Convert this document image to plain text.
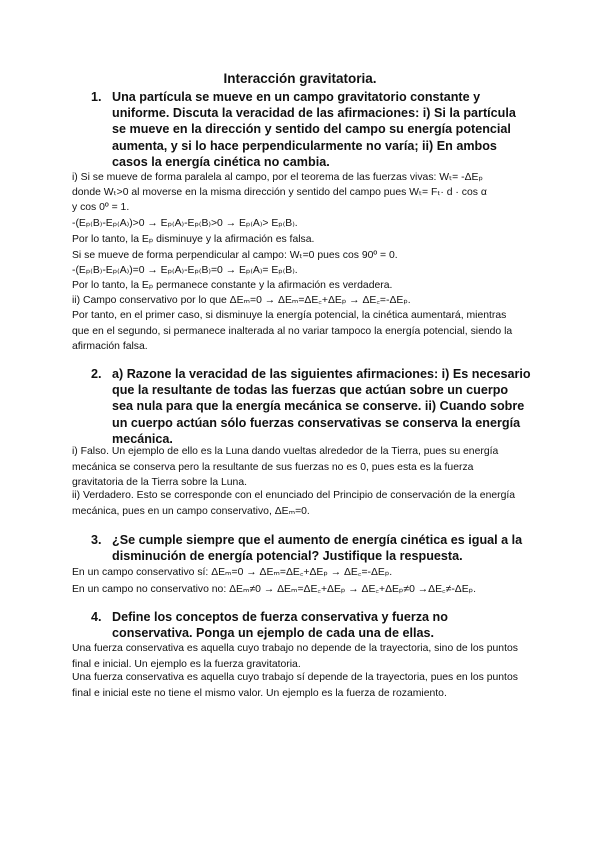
Interacción gravitatoria.
1. Una partícula se mueve en un campo gravitatorio constante y uniforme. Discuta la veracidad de las afirmaciones: i) Si la partícula se mueve en la dirección y sentido del campo su energía potencial aumenta, y si lo hace perpendicularmente no varía; ii) En ambos casos la energía cinética no cambia.
i) Si se mueve de forma paralela al campo, por el teorema de las fuerzas vivas: Wₜ= -ΔEₚ
donde Wₜ>0 al moverse en la misma dirección y sentido del campo pues Wₜ= Fₜ· d · cos α
y cos 0º = 1.
-(Eₚ₍B₎-Eₚ₍A₎)>0 → Eₚ₍A₎-Eₚ₍B₎>0 → Eₚ₍A₎> Eₚ₍B₎.
Por lo tanto, la Eₚ disminuye y la afirmación es falsa.
Si se mueve de forma perpendicular al campo: Wₜ=0 pues cos 90º = 0.
-(Eₚ₍B₎-Eₚ₍A₎)=0 → Eₚ₍A₎-Eₚ₍B₎=0 → Eₚ₍A₎= Eₚ₍B₎.
Por lo tanto, la Eₚ permanece constante y la afirmación es verdadera.
ii) Campo conservativo por lo que ΔEₘ=0 → ΔEₘ=ΔE꜀+ΔEₚ → ΔE꜀=-ΔEₚ.
Por tanto, en el primer caso, si disminuye la energía potencial, la cinética aumentará, mientras que en el segundo, si permanece inalterada al no variar tampoco la energía potencial, siendo la afirmación falsa.
2. a) Razone la veracidad de las siguientes afirmaciones: i) Es necesario que la resultante de todas las fuerzas que actúan sobre un cuerpo sea nula para que la energía mecánica se conserve. ii) Cuando sobre un cuerpo actúan sólo fuerzas conservativas se conserva la energía mecánica.
i) Falso. Un ejemplo de ello es la Luna dando vueltas alrededor de la Tierra, pues su energía mecánica se conserva pero la resultante de sus fuerzas no es 0, pues esta es la fuerza gravitatoria de la Tierra sobre la Luna.
ii) Verdadero. Esto se corresponde con el enunciado del Principio de conservación de la energía mecánica, pues en un campo conservativo, ΔEₘ=0.
3. ¿Se cumple siempre que el aumento de energía cinética es igual a la disminución de energía potencial? Justifique la respuesta.
En un campo conservativo sí: ΔEₘ=0 → ΔEₘ=ΔE꜀+ΔEₚ → ΔE꜀=-ΔEₚ.
En un campo no conservativo no: ΔEₘ≠0 → ΔEₘ=ΔE꜀+ΔEₚ → ΔE꜀+ΔEₚ≠0 →ΔE꜀≠-ΔEₚ.
4. Define los conceptos de fuerza conservativa y fuerza no conservativa. Ponga un ejemplo de cada una de ellas.
Una fuerza conservativa es aquella cuyo trabajo no depende de la trayectoria, sino de los puntos final e inicial. Un ejemplo es la fuerza gravitatoria.
Una fuerza conservativa es aquella cuyo trabajo sí depende de la trayectoria, pues en los puntos final e inicial este no tiene el mismo valor. Un ejemplo es la fuerza de rozamiento.
